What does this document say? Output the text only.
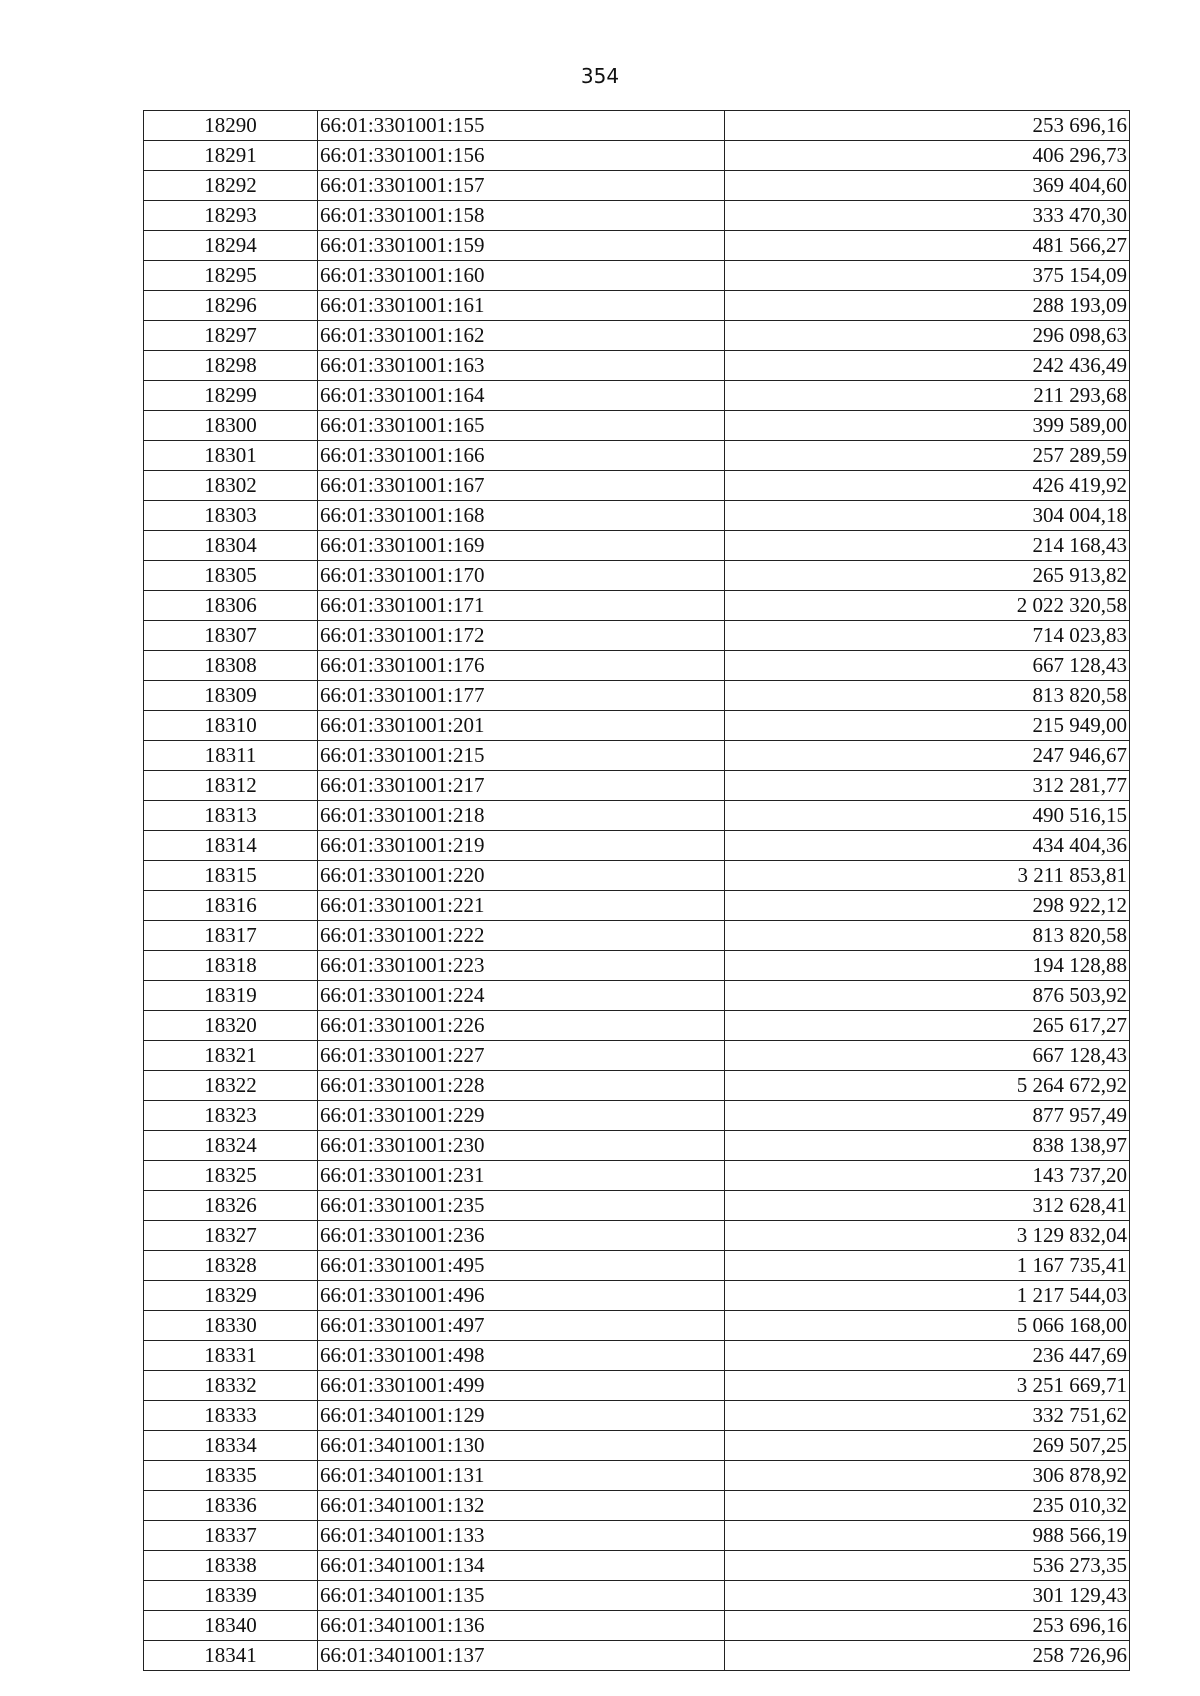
354
18290	66:01:3301001:155	253 696,16
18291	66:01:3301001:156	406 296,73
18292	66:01:3301001:157	369 404,60
18293	66:01:3301001:158	333 470,30
18294	66:01:3301001:159	481 566,27
18295	66:01:3301001:160	375 154,09
18296	66:01:3301001:161	288 193,09
18297	66:01:3301001:162	296 098,63
18298	66:01:3301001:163	242 436,49
18299	66:01:3301001:164	211 293,68
18300	66:01:3301001:165	399 589,00
18301	66:01:3301001:166	257 289,59
18302	66:01:3301001:167	426 419,92
18303	66:01:3301001:168	304 004,18
18304	66:01:3301001:169	214 168,43
18305	66:01:3301001:170	265 913,82
18306	66:01:3301001:171	2 022 320,58
18307	66:01:3301001:172	714 023,83
18308	66:01:3301001:176	667 128,43
18309	66:01:3301001:177	813 820,58
18310	66:01:3301001:201	215 949,00
18311	66:01:3301001:215	247 946,67
18312	66:01:3301001:217	312 281,77
18313	66:01:3301001:218	490 516,15
18314	66:01:3301001:219	434 404,36
18315	66:01:3301001:220	3 211 853,81
18316	66:01:3301001:221	298 922,12
18317	66:01:3301001:222	813 820,58
18318	66:01:3301001:223	194 128,88
18319	66:01:3301001:224	876 503,92
18320	66:01:3301001:226	265 617,27
18321	66:01:3301001:227	667 128,43
18322	66:01:3301001:228	5 264 672,92
18323	66:01:3301001:229	877 957,49
18324	66:01:3301001:230	838 138,97
18325	66:01:3301001:231	143 737,20
18326	66:01:3301001:235	312 628,41
18327	66:01:3301001:236	3 129 832,04
18328	66:01:3301001:495	1 167 735,41
18329	66:01:3301001:496	1 217 544,03
18330	66:01:3301001:497	5 066 168,00
18331	66:01:3301001:498	236 447,69
18332	66:01:3301001:499	3 251 669,71
18333	66:01:3401001:129	332 751,62
18334	66:01:3401001:130	269 507,25
18335	66:01:3401001:131	306 878,92
18336	66:01:3401001:132	235 010,32
18337	66:01:3401001:133	988 566,19
18338	66:01:3401001:134	536 273,35
18339	66:01:3401001:135	301 129,43
18340	66:01:3401001:136	253 696,16
18341	66:01:3401001:137	258 726,96
